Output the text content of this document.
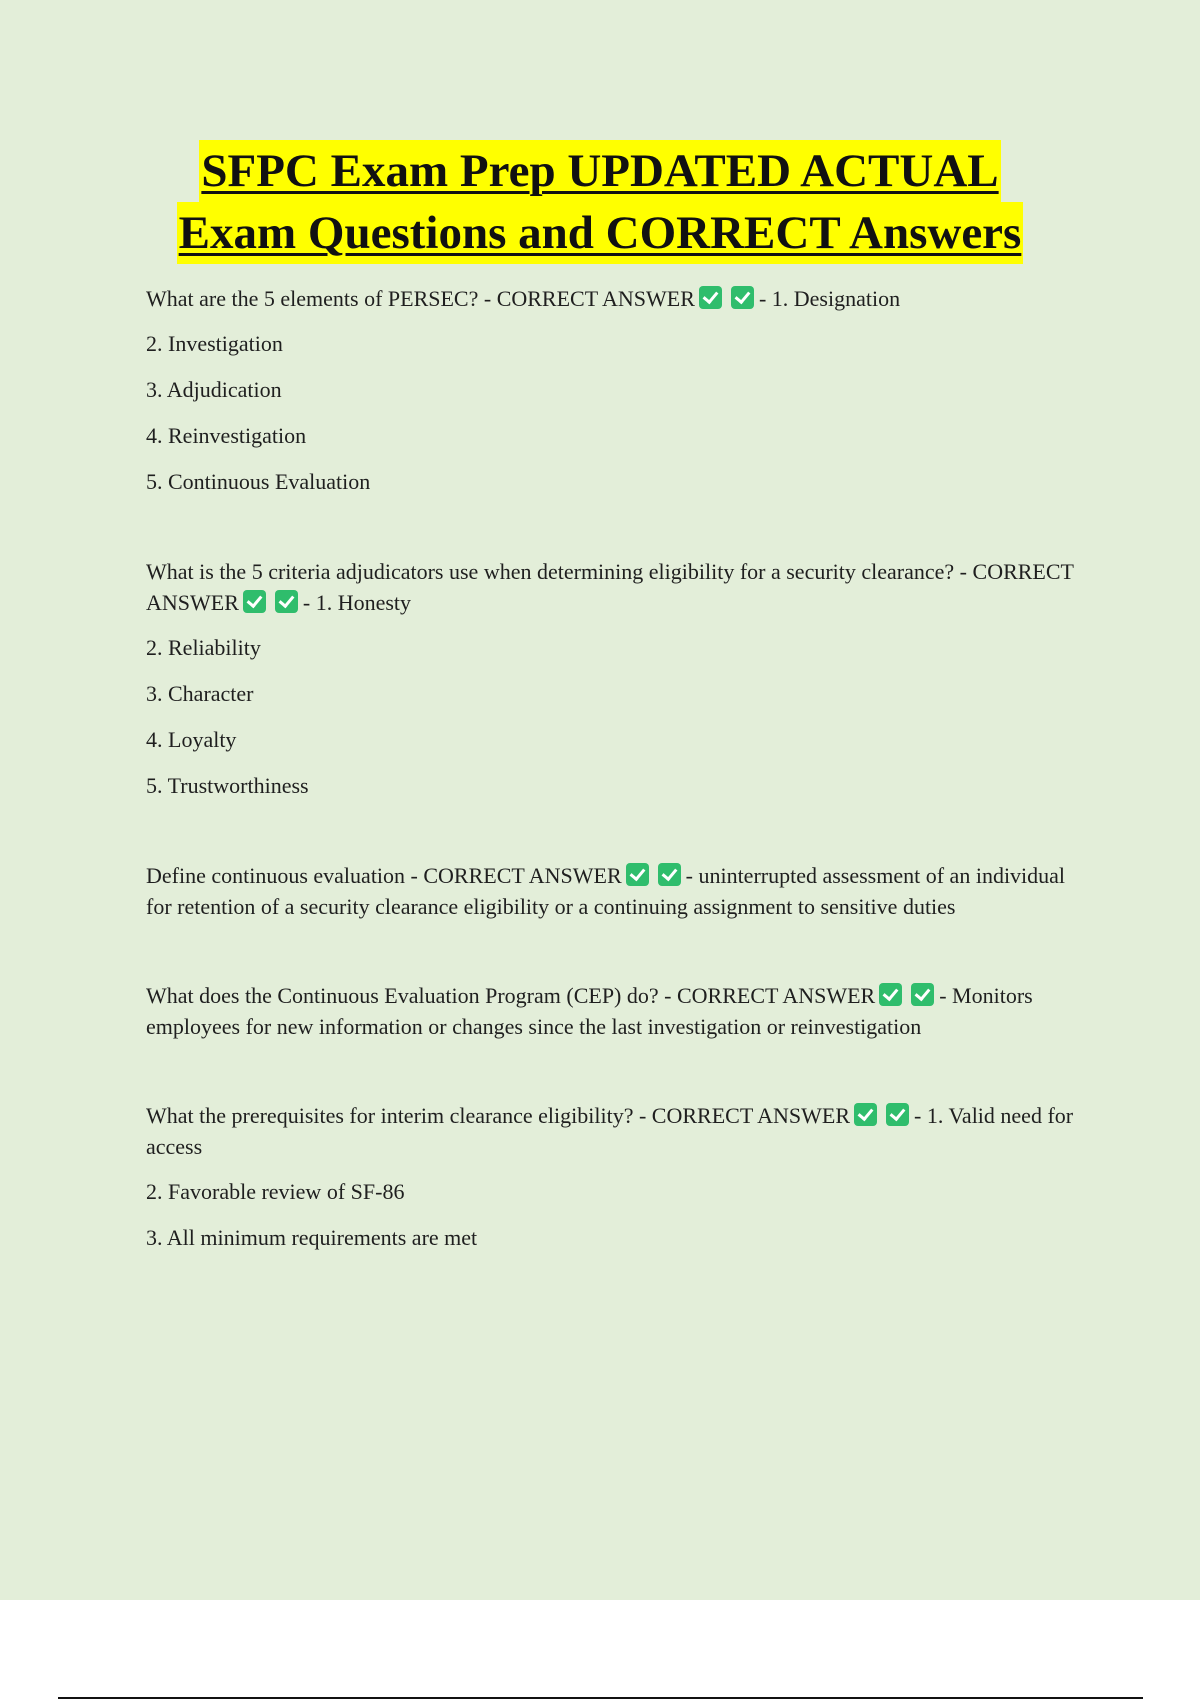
SFPC Exam Prep UPDATED ACTUAL
Exam Questions and CORRECT Answers

What are the 5 elements of PERSEC? - CORRECT ANSWER	- 1. Designation

2. Investigation

3. Adjudication

4. Reinvestigation

5. Continuous Evaluation

What is the 5 criteria adjudicators use when determining eligibility for a security clearance? - CORRECT ANSWER	- 1. Honesty

2. Reliability

3. Character

4. Loyalty

5. Trustworthiness

Define continuous evaluation - CORRECT ANSWER	- uninterrupted assessment of an individual for retention of a security clearance eligibility or a continuing assignment to sensitive duties

What does the Continuous Evaluation Program (CEP) do? - CORRECT ANSWER	- Monitors employees for new information or changes since the last investigation or reinvestigation

What the prerequisites for interim clearance eligibility? - CORRECT ANSWER	- 1. Valid need for access

2. Favorable review of SF-86

3. All minimum requirements are met
